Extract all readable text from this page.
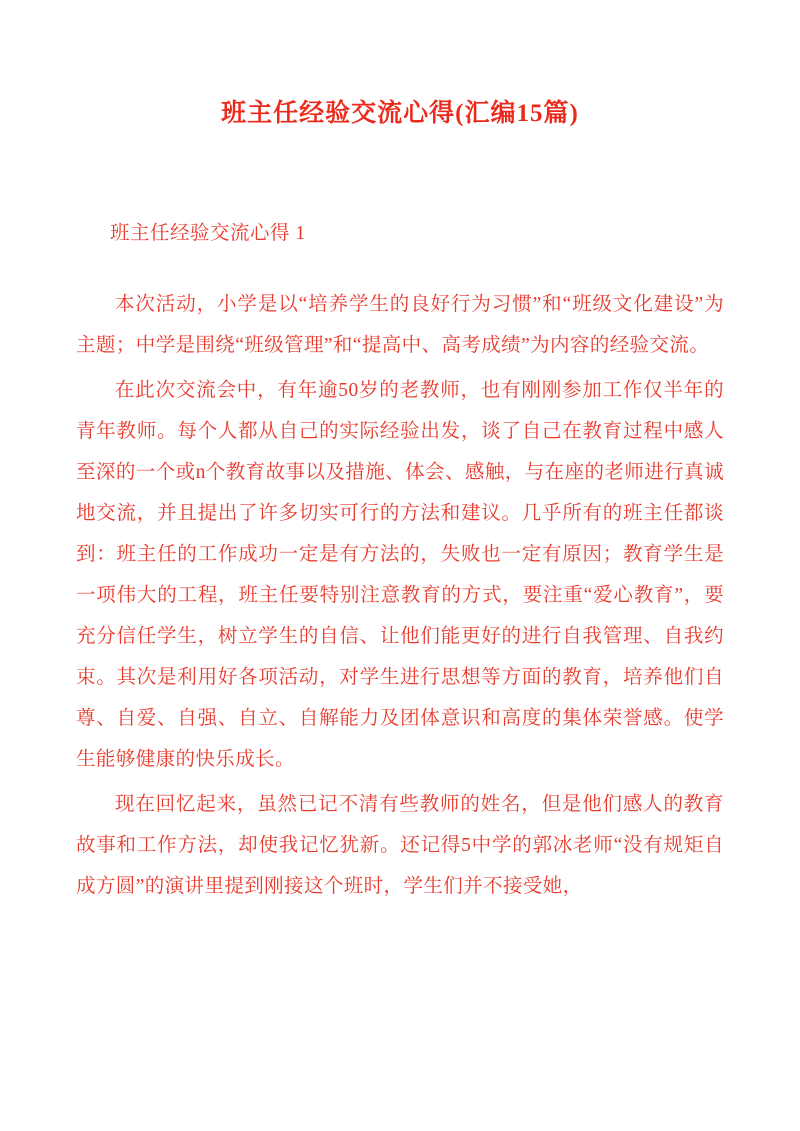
班主任经验交流心得(汇编15篇)
班主任经验交流心得 1

本次活动，小学是以“培养学生的良好行为习惯”和“班级文化建设”为主题；中学是围绕“班级管理”和“提高中、高考成绩”为内容的经验交流。

在此次交流会中，有年逾50岁的老教师，也有刚刚参加工作仅半年的青年教师。每个人都从自己的实际经验出发，谈了自己在教育过程中感人至深的一个或n个教育故事以及措施、体会、感触，与在座的老师进行真诚地交流，并且提出了许多切实可行的方法和建议。几乎所有的班主任都谈到：班主任的工作成功一定是有方法的，失败也一定有原因；教育学生是一项伟大的工程，班主任要特别注意教育的方式，要注重“爱心教育”，要充分信任学生，树立学生的自信、让他们能更好的进行自我管理、自我约束。其次是利用好各项活动，对学生进行思想等方面的教育，培养他们自尊、自爱、自强、自立、自解能力及团体意识和高度的集体荣誉感。使学生能够健康的快乐成长。

现在回忆起来，虽然已记不清有些教师的姓名，但是他们感人的教育故事和工作方法，却使我记忆犹新。还记得5中学的郭冰老师“没有规矩自成方圆”的演讲里提到刚接这个班时，学生们并不接受她，
